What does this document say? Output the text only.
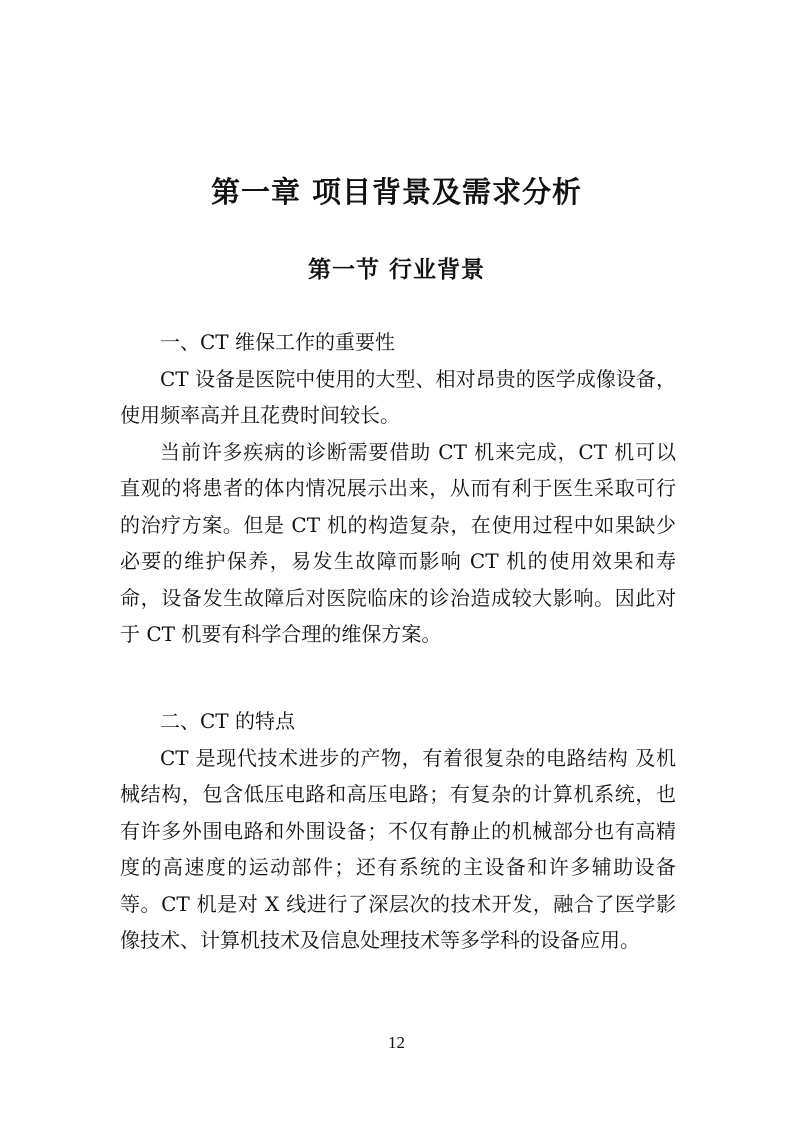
第一章 项目背景及需求分析
第一节 行业背景
一、CT 维保工作的重要性

CT 设备是医院中使用的大型、相对昂贵的医学成像设备，使用频率高并且花费时间较长。

当前许多疾病的诊断需要借助 CT 机来完成，CT 机可以直观的将患者的体内情况展示出来，从而有利于医生采取可行的治疗方案。但是 CT 机的构造复杂，在使用过程中如果缺少必要的维护保养，易发生故障而影响 CT 机的使用效果和寿命，设备发生故障后对医院临床的诊治造成较大影响。因此对于 CT 机要有科学合理的维保方案。

二、CT 的特点

CT 是现代技术进步的产物，有着很复杂的电路结构 及机械结构，包含低压电路和高压电路；有复杂的计算机系统，也有许多外围电路和外围设备；不仅有静止的机械部分也有高精度的高速度的运动部件；还有系统的主设备和许多辅助设备等。CT 机是对 X 线进行了深层次的技术开发，融合了医学影像技术、计算机技术及信息处理技术等多学科的设备应用。

12
